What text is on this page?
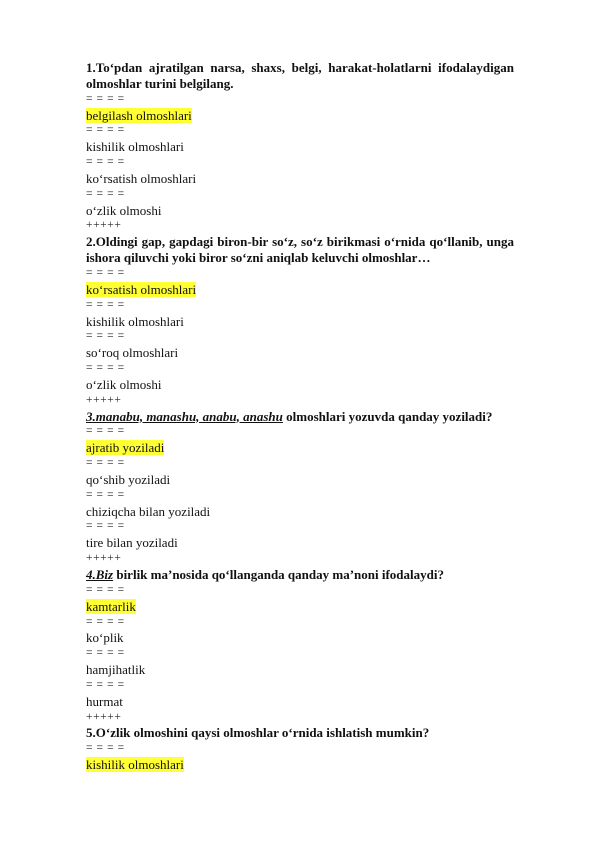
1.To‘pdan ajratilgan narsa, shaxs, belgi, harakat-holatlarni ifodalaydigan olmoshlar turini belgilang.
= = = =
belgilash olmoshlari
= = = =
kishilik olmoshlari
= = = =
ko‘rsatish olmoshlari
= = = =
o‘zlik olmoshi
+++++
2.Oldingi gap, gapdagi biron-bir so‘z, so‘z birikmasi o‘rnida qo‘llanib, unga ishora qiluvchi yoki biror so‘zni aniqlab keluvchi olmoshlar…
= = = =
ko‘rsatish olmoshlari
= = = =
kishilik olmoshlari
= = = =
so‘roq olmoshlari
= = = =
o‘zlik olmoshi
+++++
3.manabu, manashu, anabu, anashu olmoshlari yozuvda qanday yoziladi?
= = = =
ajratib yoziladi
= = = =
qo‘shib yoziladi
= = = =
chiziqcha bilan yoziladi
= = = =
tire bilan yoziladi
+++++
4.Biz birlik ma’nosida qo‘llanganda qanday ma’noni ifodalaydi?
= = = =
kamtarlik
= = = =
ko‘plik
= = = =
hamjihatlik
= = = =
hurmat
+++++
5.O‘zlik olmoshini qaysi olmoshlar o‘rnida ishlatish mumkin?
= = = =
kishilik olmoshlari
